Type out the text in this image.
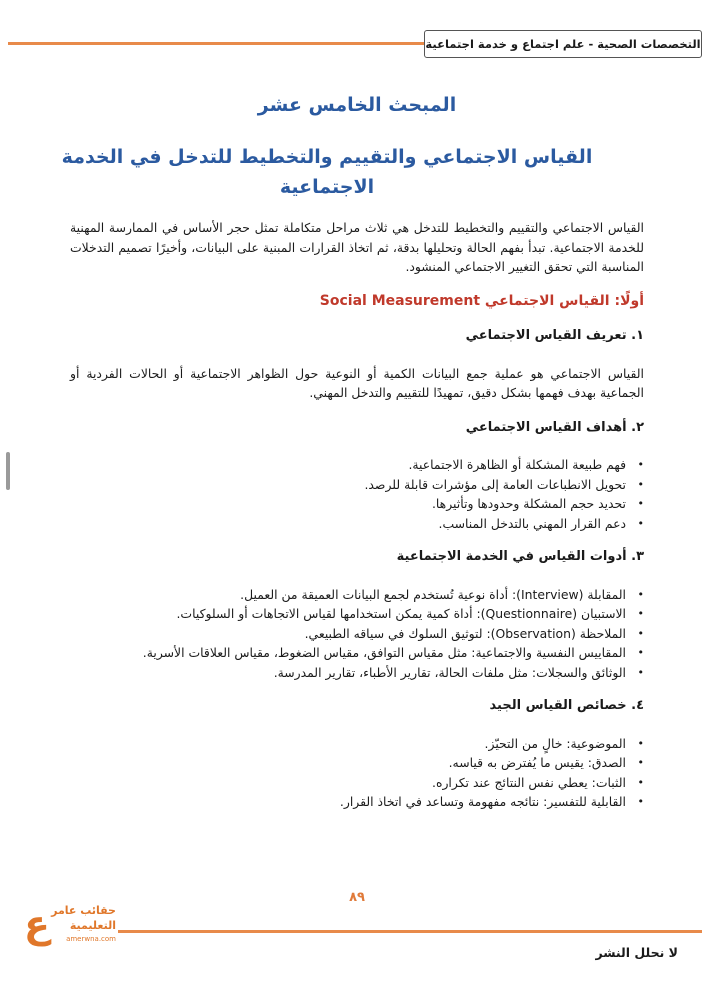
التخصصات الصحية - علم اجتماع و خدمة اجتماعية
المبحث الخامس عشر
القياس الاجتماعي والتقييم والتخطيط للتدخل في الخدمة الاجتماعية

القياس الاجتماعي والتقييم والتخطيط للتدخل هي ثلاث مراحل متكاملة تمثل حجر الأساس في الممارسة المهنية للخدمة الاجتماعية. تبدأ بفهم الحالة وتحليلها بدقة، ثم اتخاذ القرارات المبنية على البيانات، وأخيرًا تصميم التدخلات المناسبة التي تحقق التغيير الاجتماعي المنشود.

أولًا: القياس الاجتماعي Social Measurement
١. تعريف القياس الاجتماعي

القياس الاجتماعي هو عملية جمع البيانات الكمية أو النوعية حول الظواهر الاجتماعية أو الحالات الفردية أو الجماعية بهدف فهمها بشكل دقيق، تمهيدًا للتقييم والتدخل المهني.

٢. أهداف القياس الاجتماعي
• فهم طبيعة المشكلة أو الظاهرة الاجتماعية.
• تحويل الانطباعات العامة إلى مؤشرات قابلة للرصد.
• تحديد حجم المشكلة وحدودها وتأثيرها.
• دعم القرار المهني بالتدخل المناسب.
٣. أدوات القياس في الخدمة الاجتماعية
• المقابلة (Interview): أداة نوعية تُستخدم لجمع البيانات العميقة من العميل.
• الاستبيان (Questionnaire): أداة كمية يمكن استخدامها لقياس الاتجاهات أو السلوكيات.
• الملاحظة (Observation): لتوثيق السلوك في سياقه الطبيعي.
• المقاييس النفسية والاجتماعية: مثل مقياس التوافق، مقياس الضغوط، مقياس العلاقات الأسرية.
• الوثائق والسجلات: مثل ملفات الحالة، تقارير الأطباء، تقارير المدرسة.
٤. خصائص القياس الجيد
• الموضوعية: خالٍ من التحيّز.
• الصدق: يقيس ما يُفترض به قياسه.
• الثبات: يعطي نفس النتائج عند تكراره.
• القابلية للتفسير: نتائجه مفهومة وتساعد في اتخاذ القرار.
٨٩
ع حقائب عامر
التعليمية
amerwna.com
لا نحلل النشر
